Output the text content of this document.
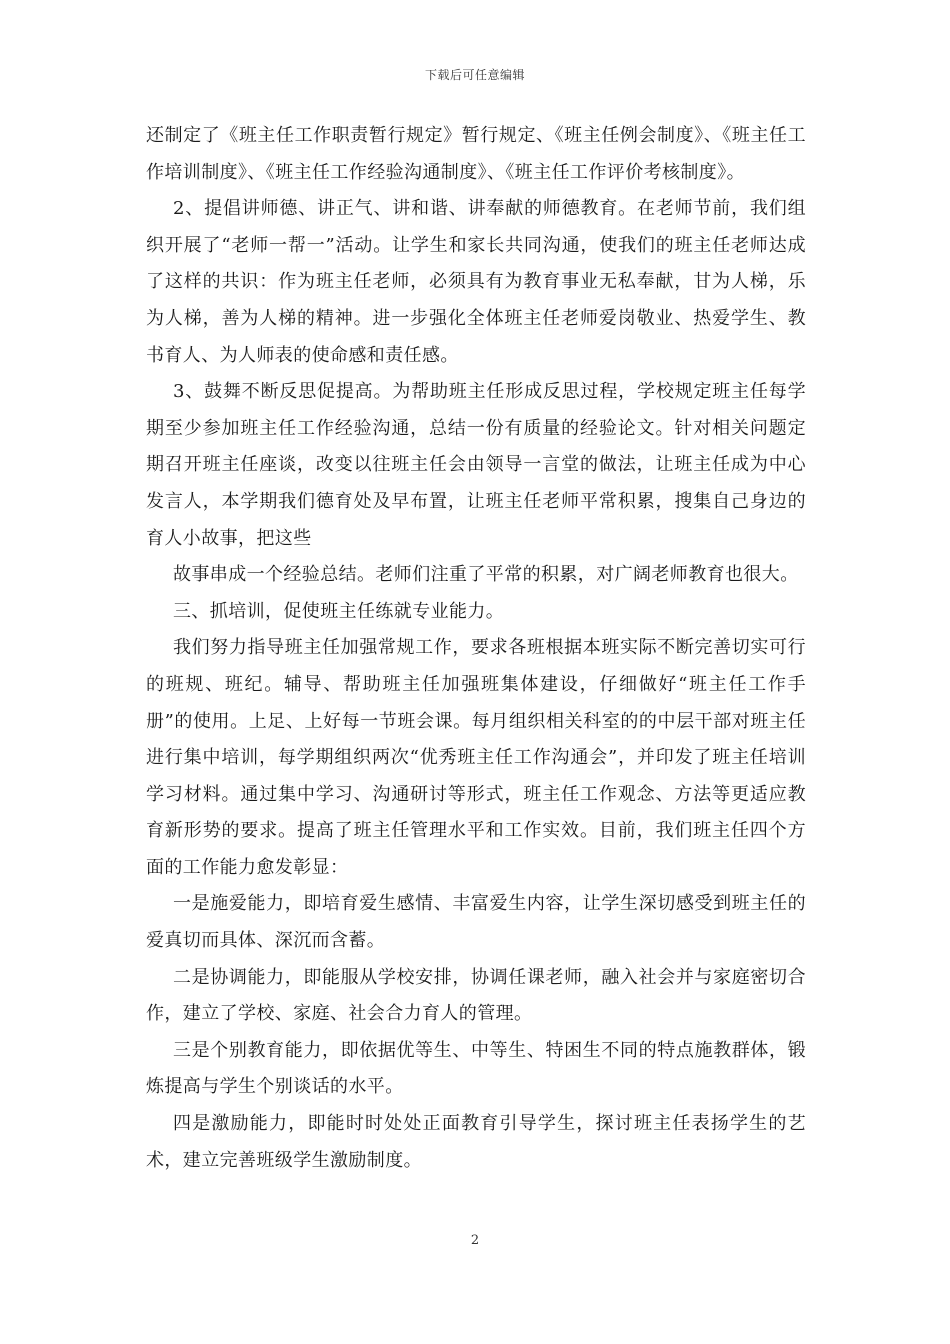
下载后可任意编辑

还制定了《班主任工作职责暂行规定》暂行规定、《班主任例会制度》、《班主任工作培训制度》、《班主任工作经验沟通制度》、《班主任工作评价考核制度》。

2、提倡讲师德、讲正气、讲和谐、讲奉献的师德教育。在老师节前，我们组织开展了“老师一帮一”活动。让学生和家长共同沟通，使我们的班主任老师达成了这样的共识：作为班主任老师，必须具有为教育事业无私奉献，甘为人梯，乐为人梯，善为人梯的精神。进一步强化全体班主任老师爱岗敬业、热爱学生、教书育人、为人师表的使命感和责任感。

3、鼓舞不断反思促提高。为帮助班主任形成反思过程，学校规定班主任每学期至少参加班主任工作经验沟通，总结一份有质量的经验论文。针对相关问题定期召开班主任座谈，改变以往班主任会由领导一言堂的做法，让班主任成为中心发言人，本学期我们德育处及早布置，让班主任老师平常积累，搜集自己身边的育人小故事，把这些

故事串成一个经验总结。老师们注重了平常的积累，对广阔老师教育也很大。

三、抓培训，促使班主任练就专业能力。

我们努力指导班主任加强常规工作，要求各班根据本班实际不断完善切实可行的班规、班纪。辅导、帮助班主任加强班集体建设，仔细做好“班主任工作手册”的使用。上足、上好每一节班会课。每月组织相关科室的的中层干部对班主任进行集中培训，每学期组织两次“优秀班主任工作沟通会”，并印发了班主任培训学习材料。通过集中学习、沟通研讨等形式，班主任工作观念、方法等更适应教育新形势的要求。提高了班主任管理水平和工作实效。目前，我们班主任四个方面的工作能力愈发彰显：

一是施爱能力，即培育爱生感情、丰富爱生内容，让学生深切感受到班主任的爱真切而具体、深沉而含蓄。

二是协调能力，即能服从学校安排，协调任课老师，融入社会并与家庭密切合作，建立了学校、家庭、社会合力育人的管理。

三是个别教育能力，即依据优等生、中等生、特困生不同的特点施教群体，锻炼提高与学生个别谈话的水平。

四是激励能力，即能时时处处正面教育引导学生，探讨班主任表扬学生的艺术，建立完善班级学生激励制度。

2
